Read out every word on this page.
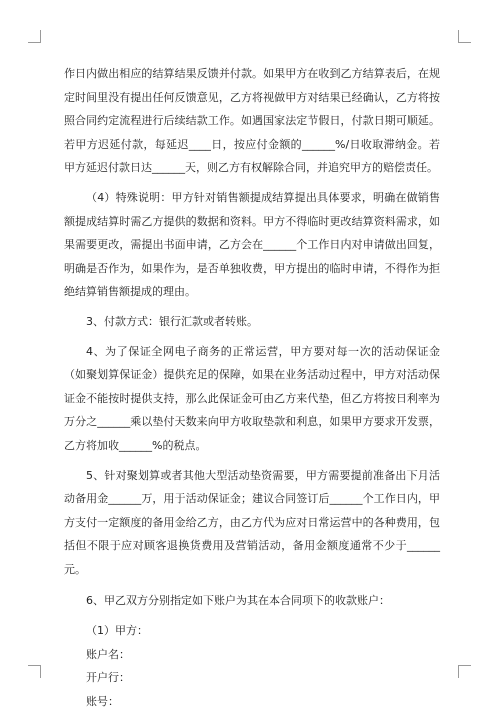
作日内做出相应的结算结果反馈并付款。如果甲方在收到乙方结算表后，在规定时间里没有提出任何反馈意见，乙方将视做甲方对结果已经确认，乙方将按照合同约定流程进行后续结款工作。如遇国家法定节假日，付款日期可顺延。若甲方迟延付款，每延迟____日，按应付金额的______%/日收取滞纳金。若甲方延迟付款日达______天，则乙方有权解除合同，并追究甲方的赔偿责任。

（4）特殊说明：甲方针对销售额提成结算提出具体要求，明确在做销售额提成结算时需乙方提供的数据和资料。甲方不得临时更改结算资料需求，如果需要更改，需提出书面申请，乙方会在______个工作日内对申请做出回复，明确是否作为，如果作为，是否单独收费，甲方提出的临时申请，不得作为拒绝结算销售额提成的理由。

3、付款方式：银行汇款或者转账。

4、为了保证全网电子商务的正常运营，甲方要对每一次的活动保证金（如聚划算保证金）提供充足的保障，如果在业务活动过程中，甲方对活动保证金不能按时提供支持，那么此保证金可由乙方来代垫，但乙方将按日利率为万分之______乘以垫付天数来向甲方收取垫款和利息，如果甲方要求开发票，乙方将加收______%的税点。

5、针对聚划算或者其他大型活动垫资需要，甲方需要提前准备出下月活动备用金______万，用于活动保证金；建议合同签订后______个工作日内，甲方支付一定额度的备用金给乙方，由乙方代为应对日常运营中的各种费用，包括但不限于应对顾客退换货费用及营销活动，备用金额度通常不少于______元。

6、甲乙双方分别指定如下账户为其在本合同项下的收款账户：

（1）甲方：

账户名：

开户行：

账号：
